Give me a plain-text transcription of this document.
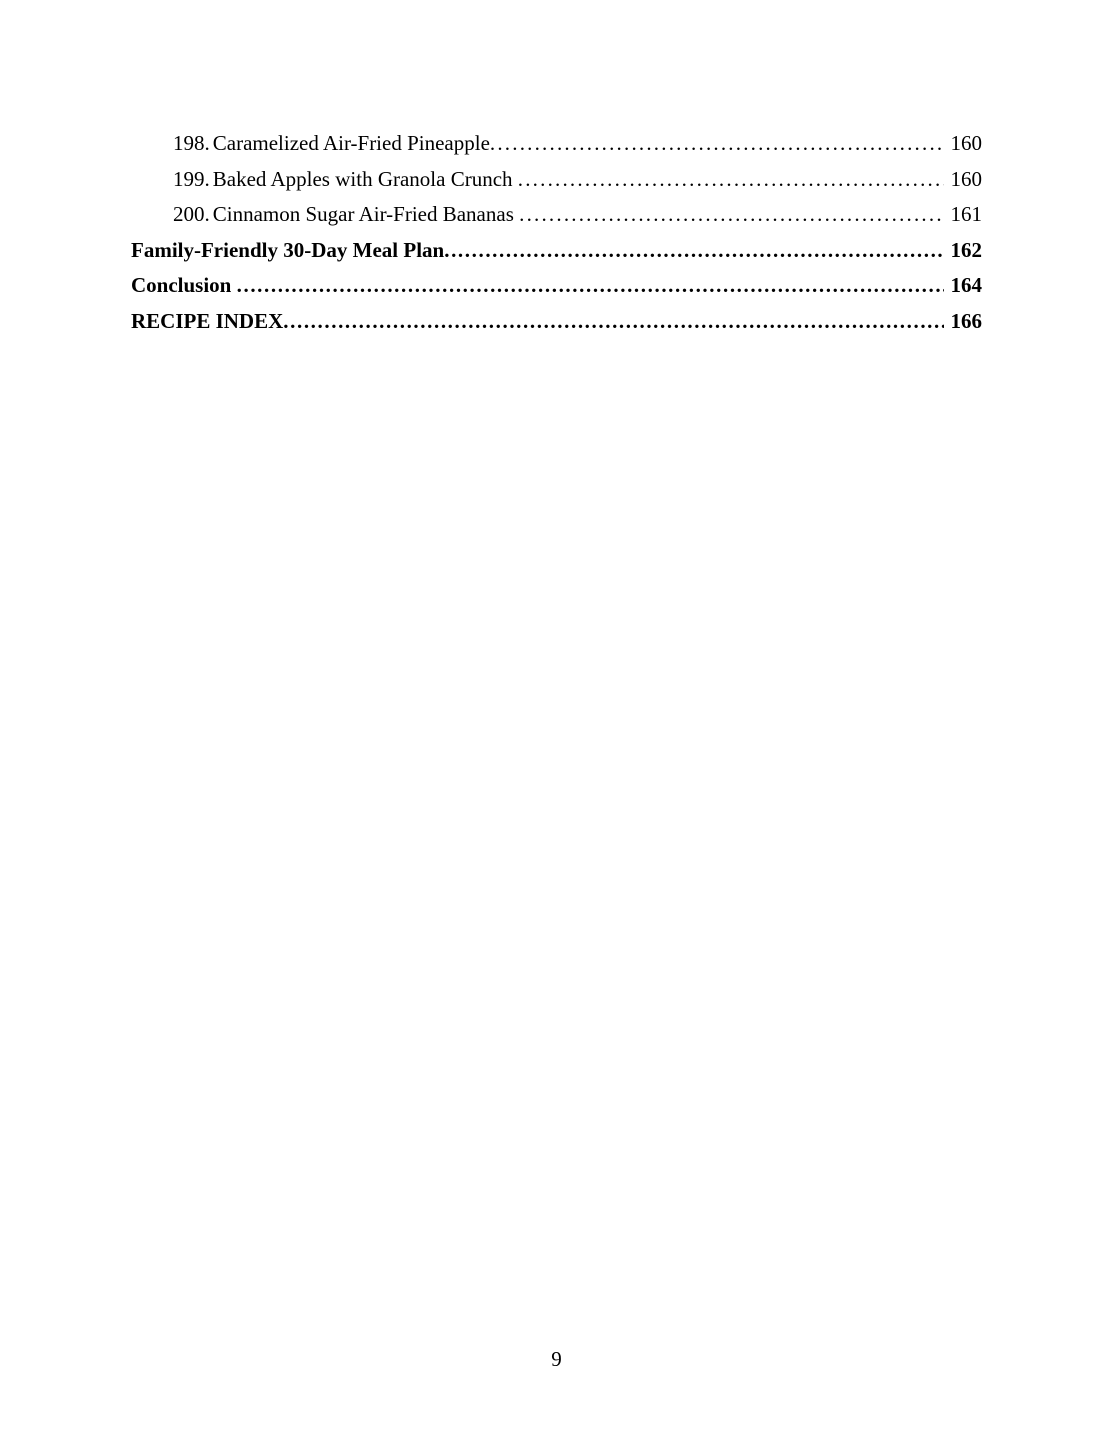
198. Caramelized Air-Fried Pineapple .....	160
199. Baked Apples with Granola Crunch .....	160
200. Cinnamon Sugar Air-Fried Bananas .....	161
Family-Friendly 30-Day Meal Plan .....	162
Conclusion .....	164
RECIPE INDEX .....	166
9
